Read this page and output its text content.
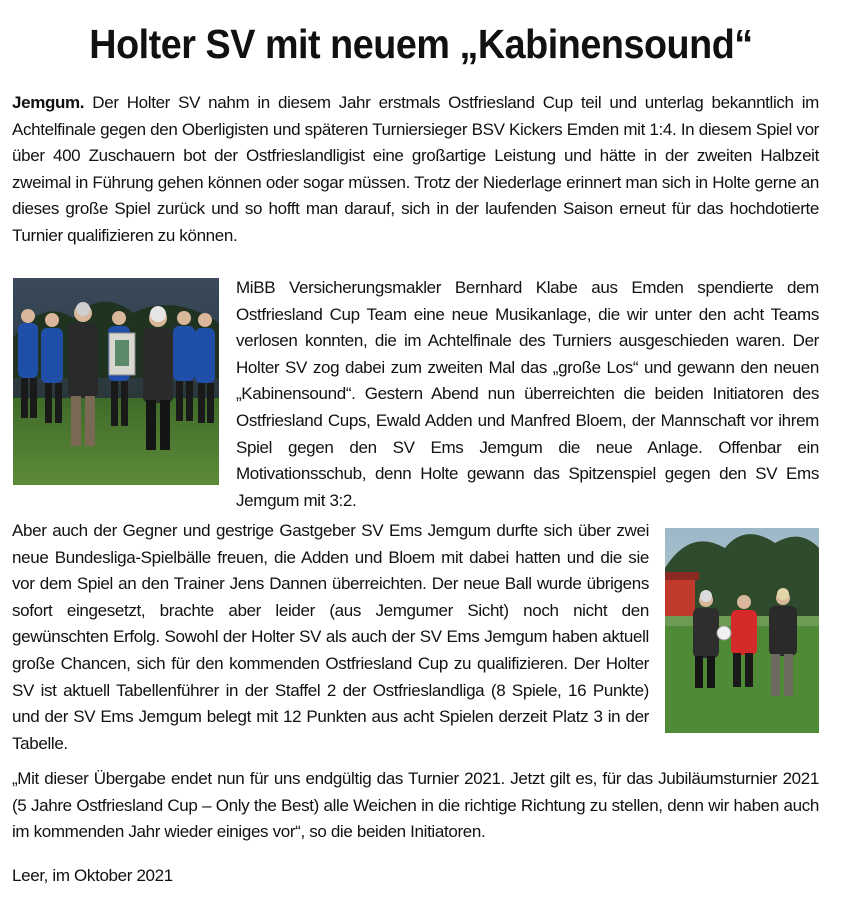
Holter SV mit neuem „Kabinensound“

Jemgum. Der Holter SV nahm in diesem Jahr erstmals Ostfriesland Cup teil und unterlag bekanntlich im Achtelfinale gegen den Oberligisten und späteren Turniersieger BSV Kickers Emden mit 1:4. In diesem Spiel vor über 400 Zuschauern bot der Ostfrieslandligist eine großartige Leistung und hätte in der zweiten Halbzeit zweimal in Führung gehen können oder sogar müssen. Trotz der Niederlage erinnert man sich in Holte gerne an dieses große Spiel zurück und so hofft man darauf, sich in der laufenden Saison erneut für das hochdotierte Turnier qualifizieren zu können.

MiBB Versicherungsmakler Bernhard Klabe aus Emden spendierte dem Ostfriesland Cup Team eine neue Musikanlage, die wir unter den acht Teams verlosen konnten, die im Achtelfinale des Turniers ausgeschieden waren. Der Holter SV zog dabei zum zweiten Mal das „große Los“ und gewann den neuen „Kabinensound“. Gestern Abend nun überreichten die beiden Initiatoren des Ostfriesland Cups, Ewald Adden und Manfred Bloem, der Mannschaft vor ihrem Spiel gegen den SV Ems Jemgum die neue Anlage. Offenbar ein Motivationsschub, denn Holte gewann das Spitzenspiel gegen den SV Ems Jemgum mit 3:2.

Aber auch der Gegner und gestrige Gastgeber SV Ems Jemgum durfte sich über zwei neue Bundesliga-Spielbälle freuen, die Adden und Bloem mit dabei hatten und die sie vor dem Spiel an den Trainer Jens Dannen überreichten. Der neue Ball wurde übrigens sofort eingesetzt, brachte aber leider (aus Jemgumer Sicht) noch nicht den gewünschten Erfolg. Sowohl der Holter SV als auch der SV Ems Jemgum haben aktuell große Chancen, sich für den kommenden Ostfriesland Cup zu qualifizieren. Der Holter SV ist aktuell Tabellenführer in der Staffel 2 der Ostfrieslandliga (8 Spiele, 16 Punkte) und der SV Ems Jemgum belegt mit 12 Punkten aus acht Spielen derzeit Platz 3 in der Tabelle.

„Mit dieser Übergabe endet nun für uns endgültig das Turnier 2021. Jetzt gilt es, für das Jubiläumsturnier 2021 (5 Jahre Ostfriesland Cup – Only the Best) alle Weichen in die richtige Richtung zu stellen, denn wir haben auch im kommenden Jahr wieder einiges vor“, so die beiden Initiatoren.

Leer, im Oktober 2021
